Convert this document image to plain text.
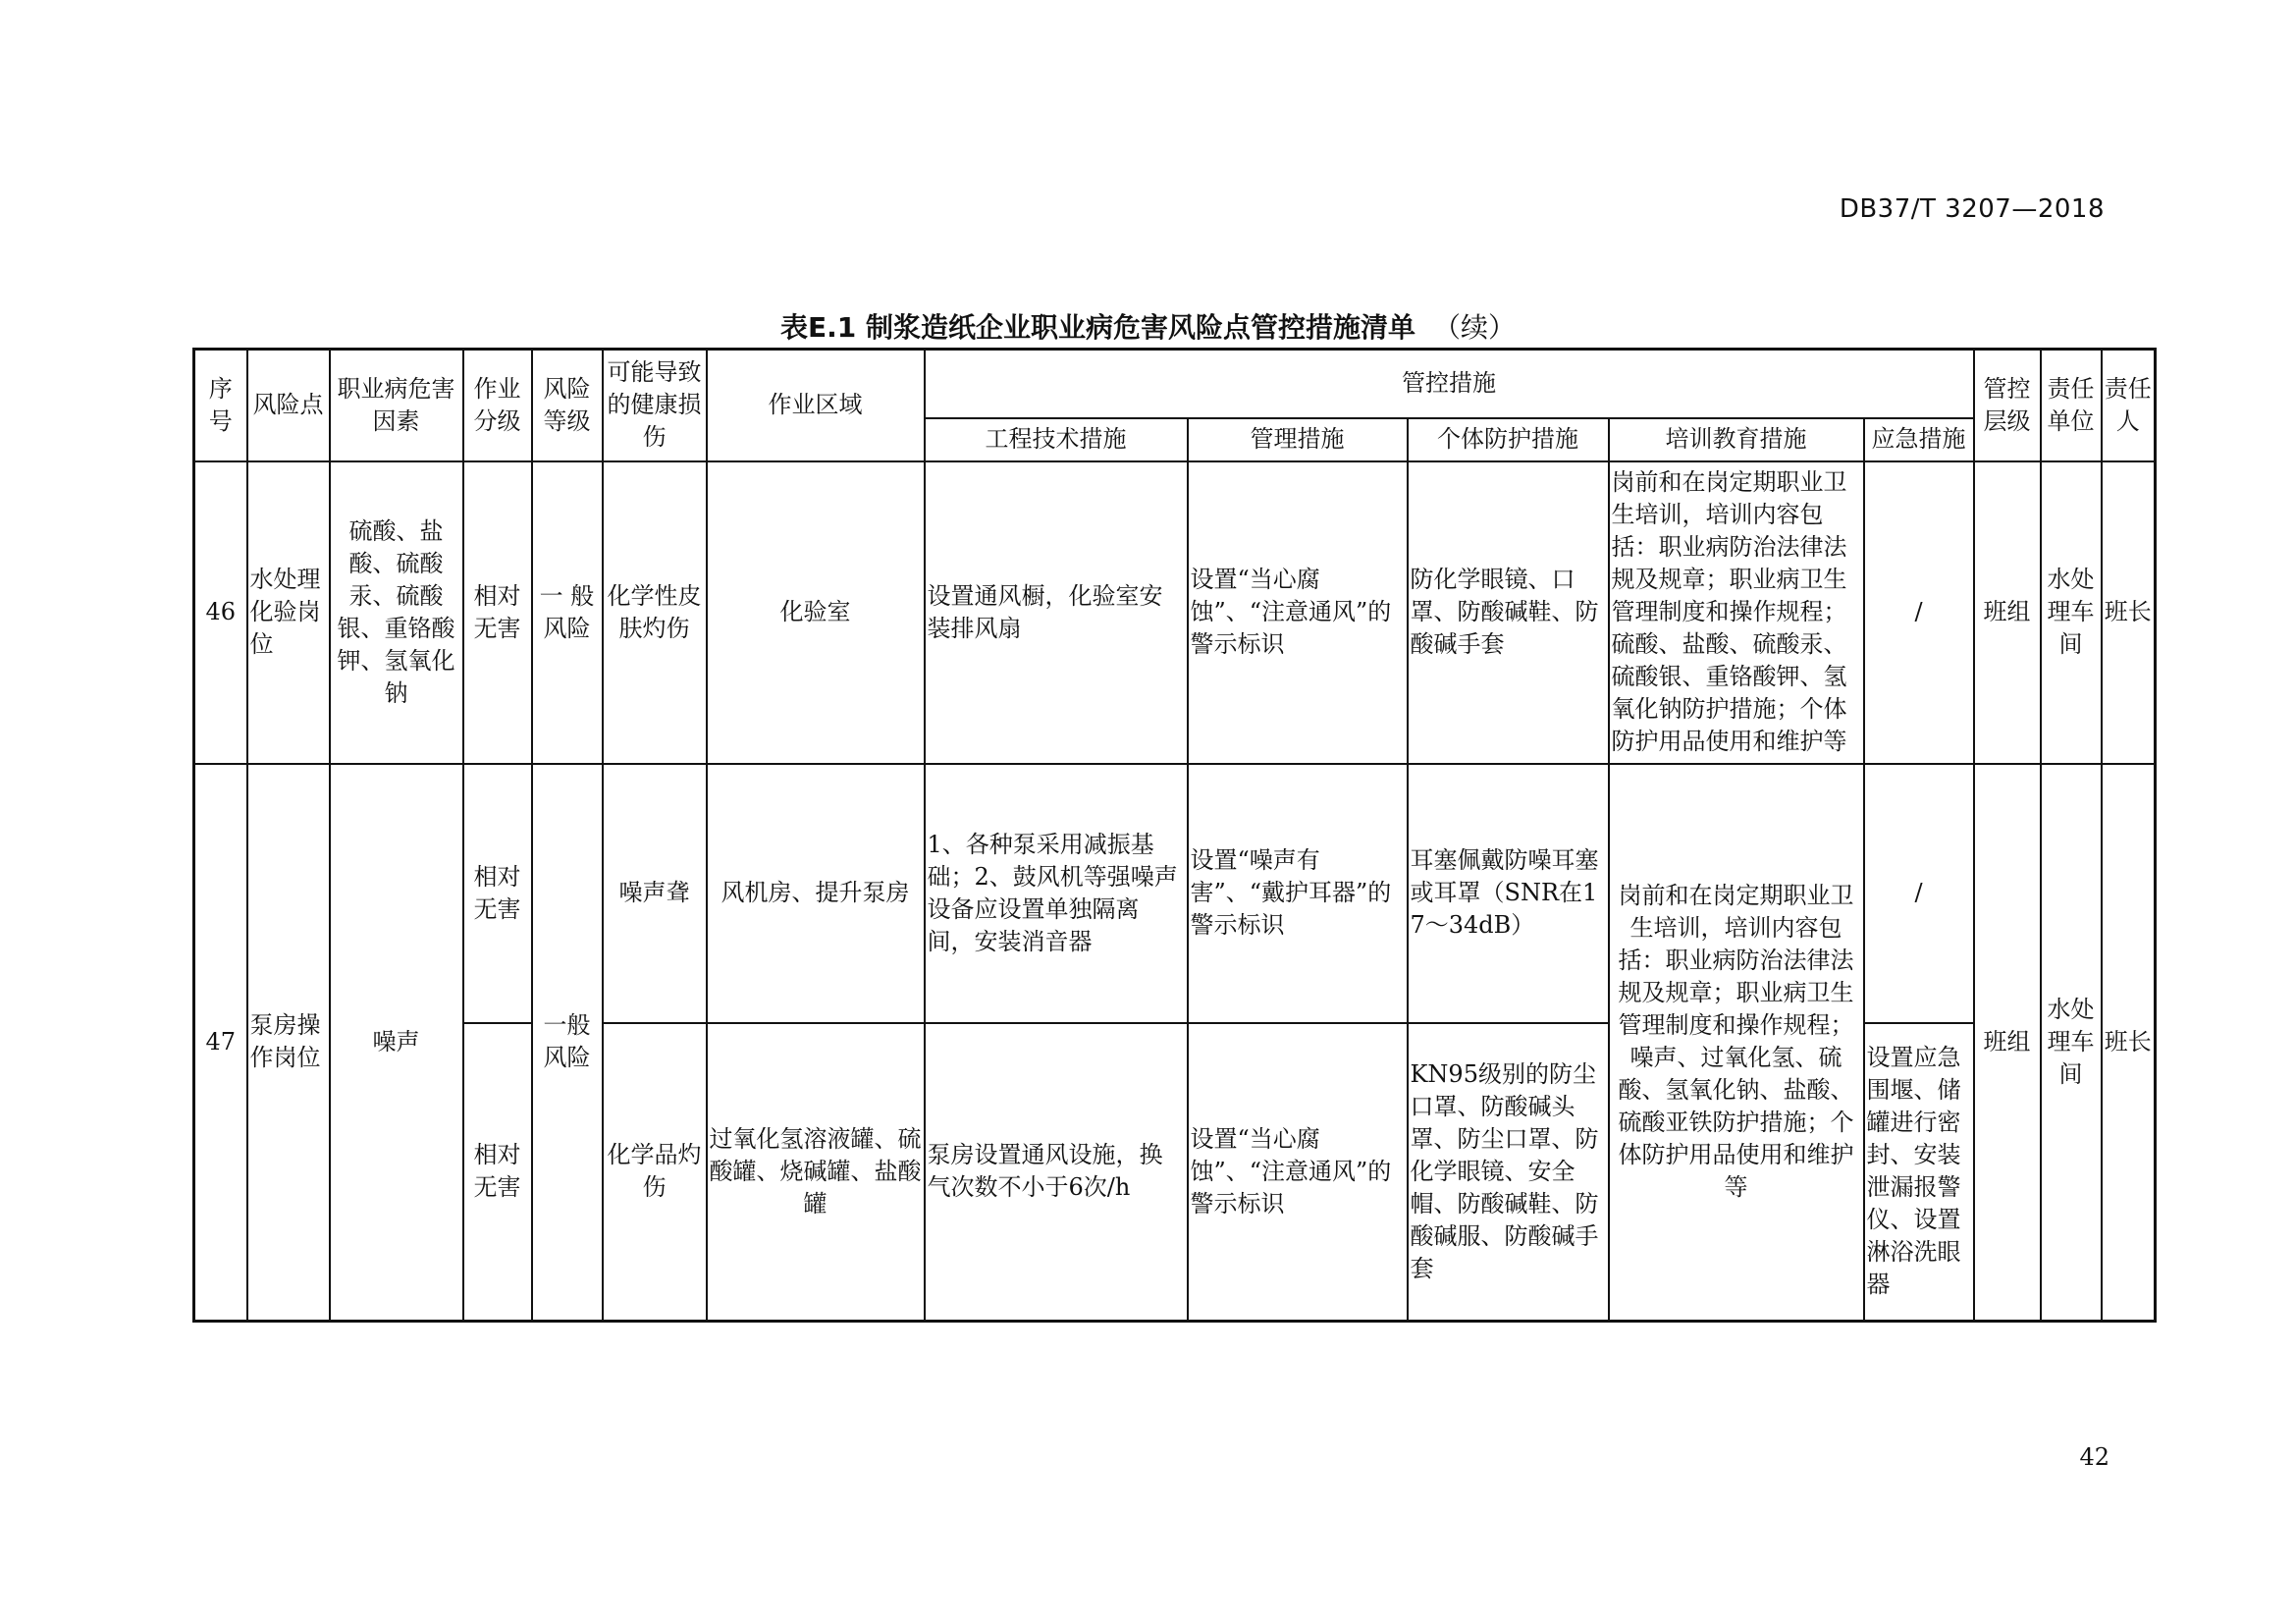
DB37/T 3207—2018
表E.1 制浆造纸企业职业病危害风险点管控措施清单 （续）
序号	风险点	职业病危害因素	作业分级	风险等级	可能导致的健康损伤	作业区域	管控措施					管控层级	责任单位	责任人
							工程技术措施	管理措施	个体防护措施	培训教育措施	应急措施			
46	水处理化验岗位	硫酸、盐酸、硫酸汞、硫酸银、重铬酸钾、氢氧化钠	相对无害	一 般风险	化学性皮肤灼伤	化验室	设置通风橱，化验室安装排风扇	设置“当心腐蚀”、“注意通风”的警示标识	防化学眼镜、口罩、防酸碱鞋、防酸碱手套	岗前和在岗定期职业卫生培训，培训内容包括：职业病防治法律法规及规章；职业病卫生管理制度和操作规程；硫酸、盐酸、硫酸汞、硫酸银、重铬酸钾、氢氧化钠防护措施；个体防护用品使用和维护等	/	班组	水处理车间	班长
47	泵房操作岗位	噪声	相对无害	一般风险	噪声聋	风机房、提升泵房	1、各种泵采用减振基础；2、鼓风机等强噪声设备应设置单独隔离间，安装消音器	设置“噪声有害”、“戴护耳器”的警示标识	耳塞佩戴防噪耳塞或耳罩（SNR在17～34dB）	岗前和在岗定期职业卫生培训，培训内容包括：职业病防治法律法规及规章；职业病卫生管理制度和操作规程；噪声、过氧化氢、硫酸、氢氧化钠、盐酸、硫酸亚铁防护措施；个体防护用品使用和维护等	/	班组	水处理车间	班长
			相对无害		化学品灼伤	过氧化氢溶液罐、硫酸罐、烧碱罐、盐酸罐	泵房设置通风设施，换气次数不小于6次/h	设置“当心腐蚀”、“注意通风”的警示标识	KN95级别的防尘口罩、防酸碱头罩、防尘口罩、防化学眼镜、安全帽、防酸碱鞋、防酸碱服、防酸碱手套		设置应急围堰、储罐进行密封、安装泄漏报警仪、设置淋浴洗眼器			
42
